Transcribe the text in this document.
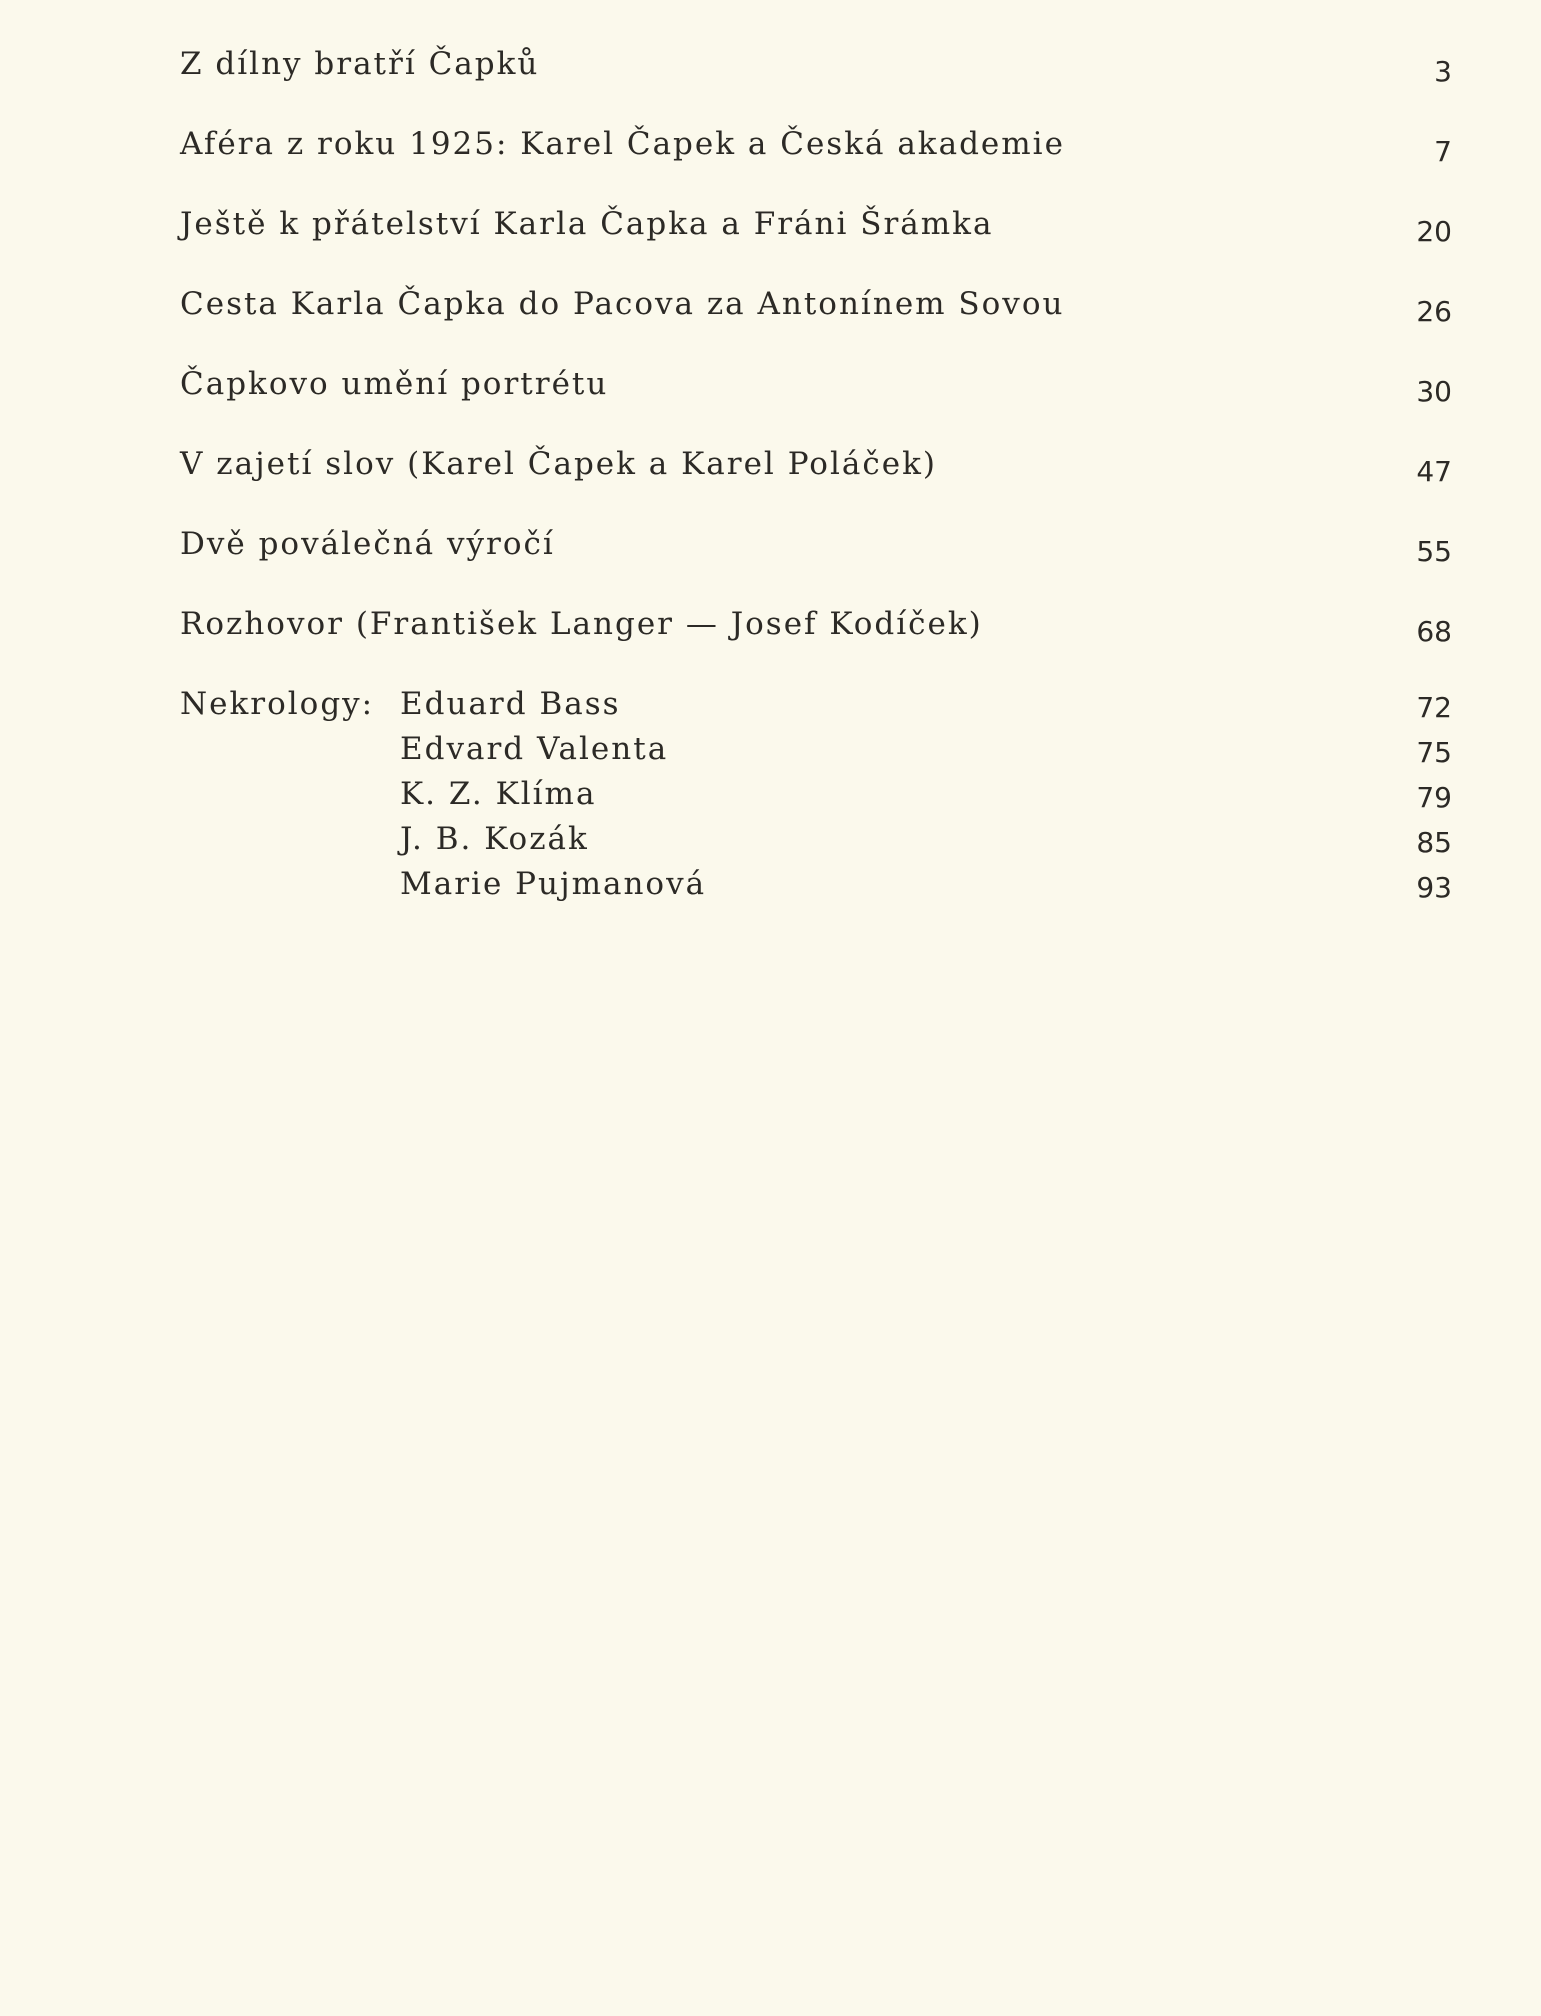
Z dílny bratří Čapků	3
Aféra z roku 1925: Karel Čapek a Česká akademie	7
Ještě k přátelství Karla Čapka a Fráni Šrámka	20
Cesta Karla Čapka do Pacova za Antonínem Sovou	26
Čapkovo umění portrétu	30
V zajetí slov (Karel Čapek a Karel Poláček)	47
Dvě poválečná výročí	55
Rozhovor (František Langer — Josef Kodíček)	68
Nekrology: Eduard Bass	72
Edvard Valenta	75
K. Z. Klíma	79
J. B. Kozák	85
Marie Pujmanová	93
